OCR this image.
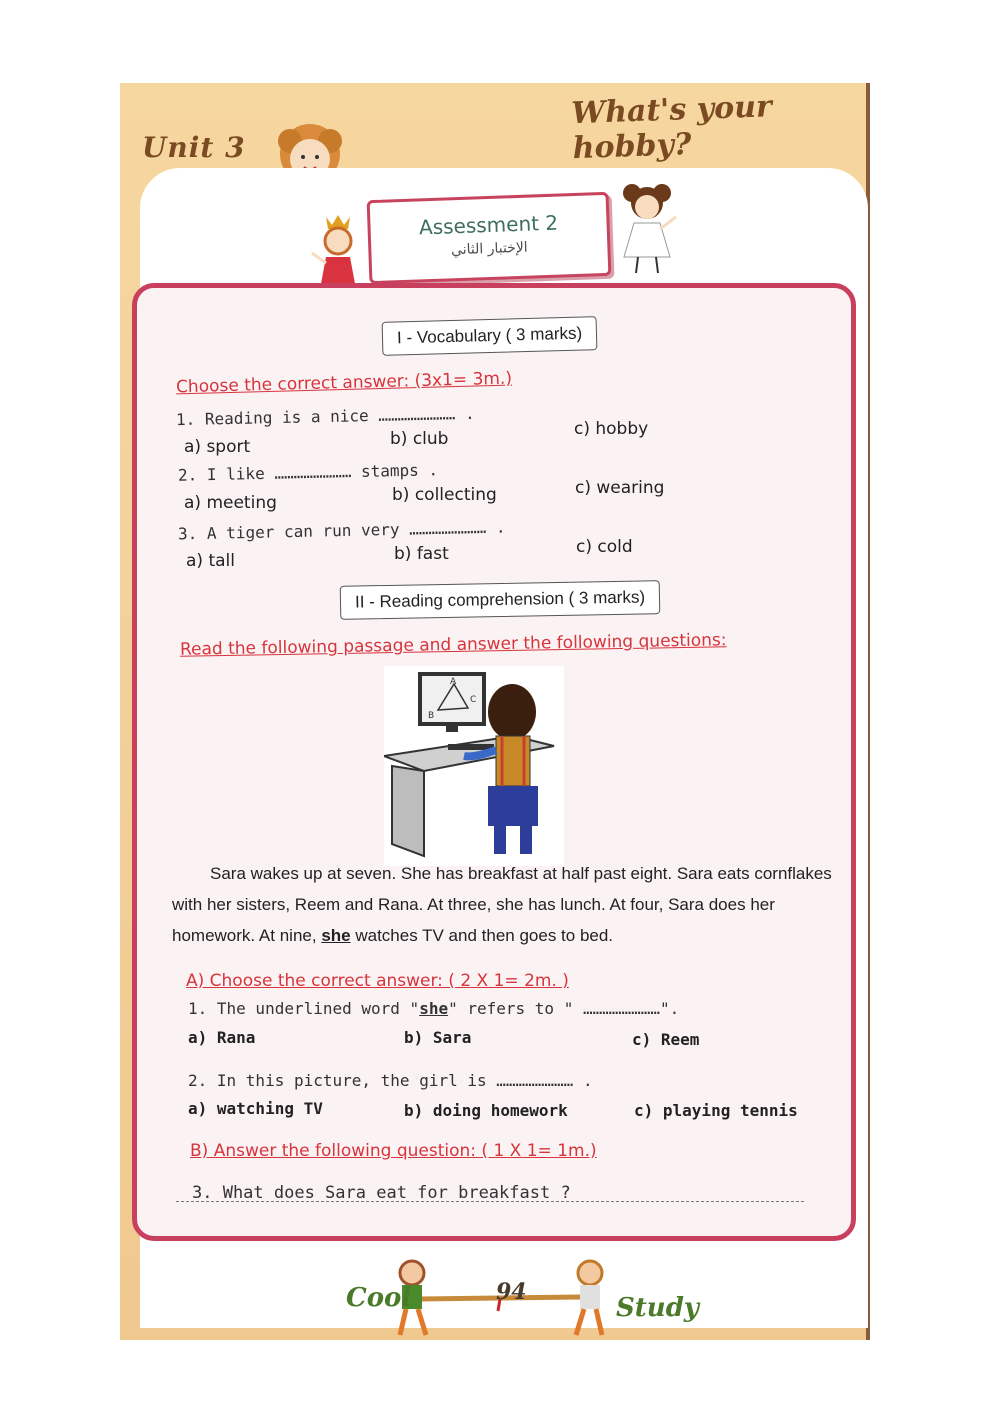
Unit 3
What's your hobby?
Assessment 2
الإختبار الثاني
I - Vocabulary ( 3 marks)
Choose the correct answer: (3x1= 3m.)
1. Reading is a nice …………………… .
a) sport	b) club	c) hobby
2. I like …………………… stamps .
a) meeting	b) collecting	c) wearing
3. A tiger can run very …………………… .
a) tall	b) fast	c) cold
II - Reading comprehension ( 3 marks)
Read the following passage and answer the following questions:
A
B
C
Sara wakes up at seven. She has breakfast at half past eight. Sara eats cornflakes with her sisters, Reem and Rana. At three, she has lunch. At four, Sara does her homework. At nine, she watches TV and then goes to bed.
A) Choose the correct answer: ( 2 X 1= 2m. )
1. The underlined word "she" refers to " ……………………".
a) Rana	b) Sara	c) Reem
2. In this picture, the girl is …………………… .
a) watching TV	b) doing homework	c) playing tennis
B) Answer the following question: ( 1 X 1= 1m.)
3. What does Sara eat for breakfast ?
Cool	94
Study
